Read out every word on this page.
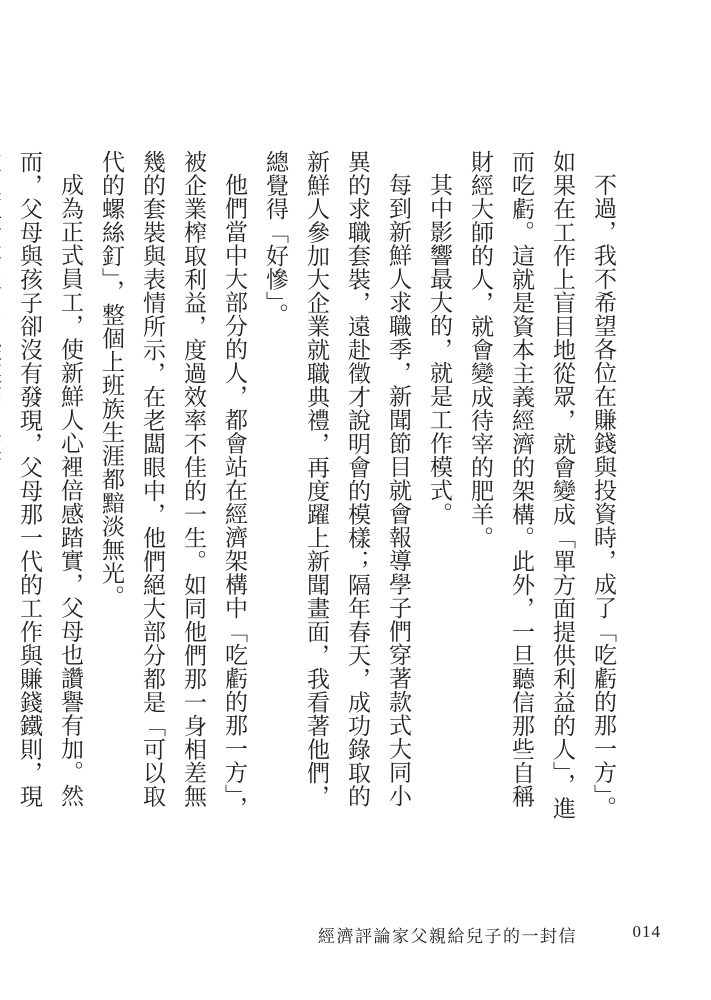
不過，我不希望各位在賺錢與投資時，成了「吃虧的那一方」。如果在工作上盲目地從眾，就會變成「單方面提供利益的人」，進而吃虧。這就是資本主義經濟的架構。此外，一旦聽信那些自稱財經大師的人，就會變成待宰的肥羊。

其中影響最大的，就是工作模式。

每到新鮮人求職季，新聞節目就會報導學子們穿著款式大同小異的求職套裝，遠赴徵才說明會的模樣；隔年春天，成功錄取的新鮮人參加大企業就職典禮，再度躍上新聞畫面，我看著他們，總覺得「好慘」。

他們當中大部分的人，都會站在經濟架構中「吃虧的那一方」，被企業榨取利益，度過效率不佳的一生。如同他們那一身相差無幾的套裝與表情所示，在老闆眼中，他們絕大部分都是「可以取代的螺絲釘」，整個上班族生涯都黯淡無光。

成為正式員工，使新鮮人心裡倍感踏實，父母也讚譽有加。然而，父母與孩子卻沒有發現，父母那一代的工作與賺錢鐵則，現

經濟評論家父親給兒子的一封信	014
